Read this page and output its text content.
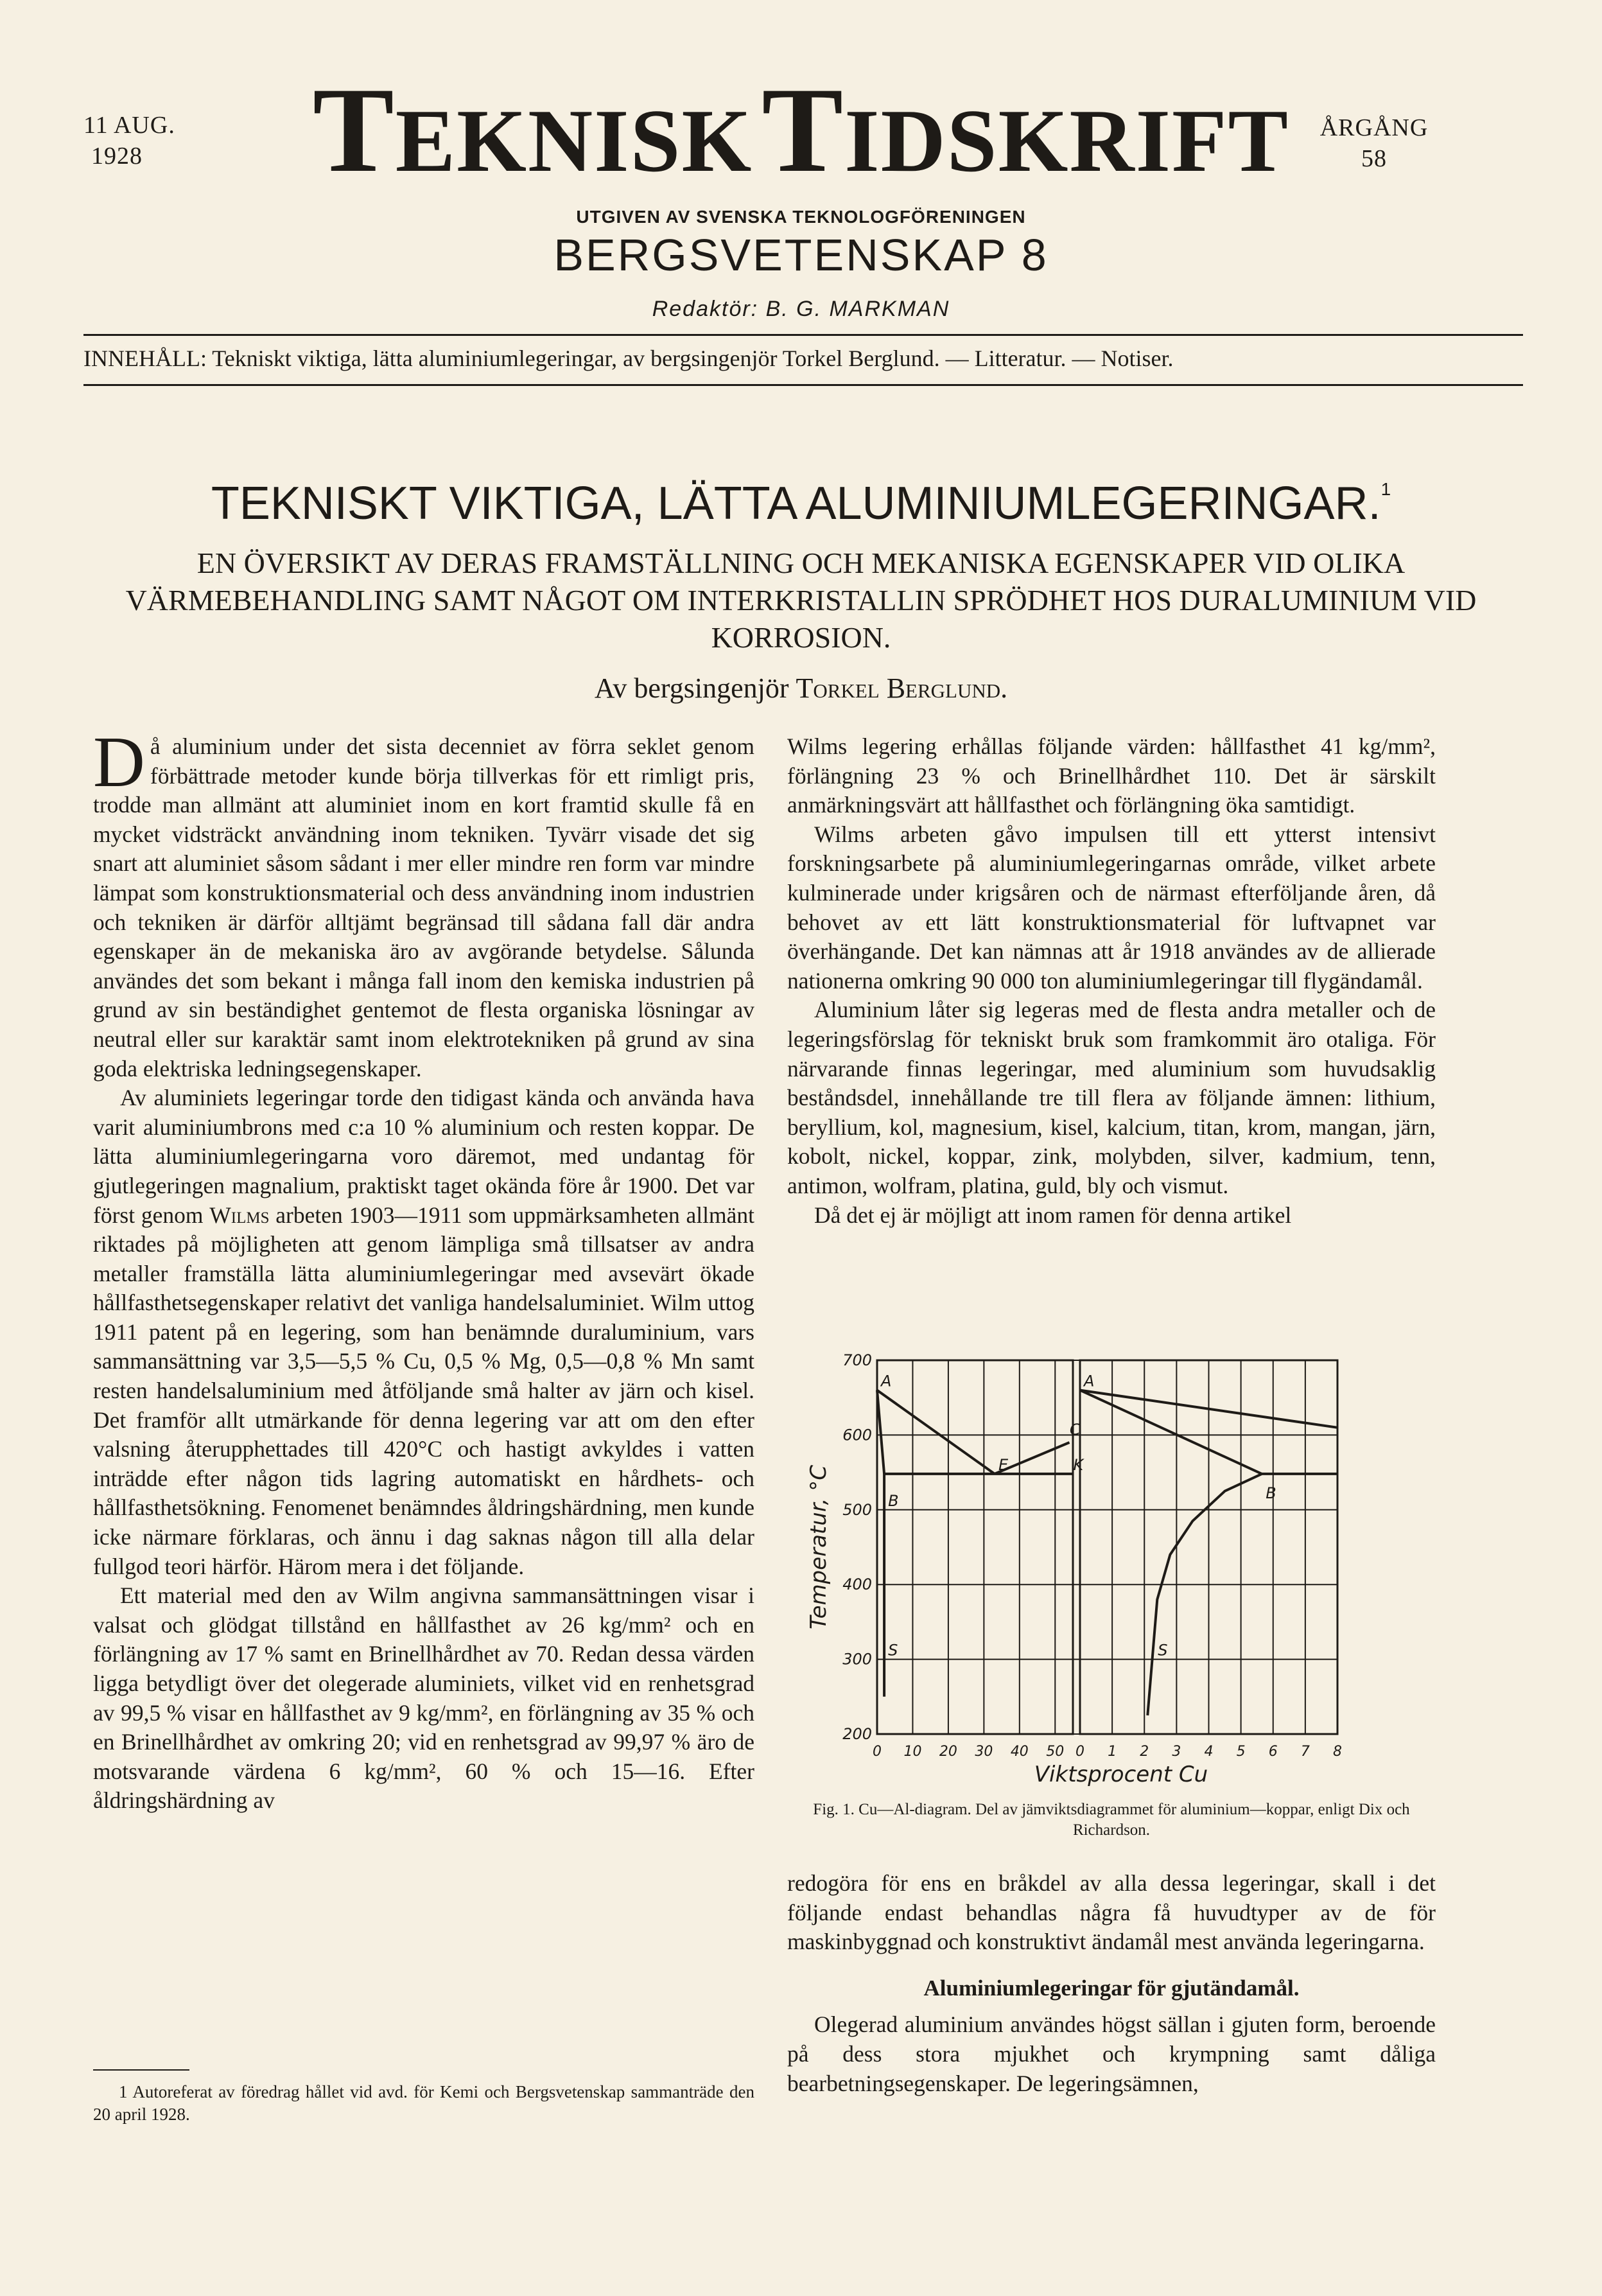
11 AUG.
1928
ÅRGÅNG
58
TEKNISKTIDSKRIFT
UTGIVEN AV SVENSKA TEKNOLOGFÖRENINGEN
BERGSVETENSKAP 8
Redaktör: B. G. MARKMAN
INNEHÅLL: Tekniskt viktiga, lätta aluminiumlegeringar, av bergsingenjör Torkel Berglund. — Litteratur. — Notiser.
TEKNISKT VIKTIGA, LÄTTA ALUMINIUMLEGERINGAR.$^1$
EN ÖVERSIKT AV DERAS FRAMSTÄLLNING OCH MEKANISKA EGENSKAPER VID OLIKA VÄRMEBEHANDLING SAMT NÅGOT OM INTERKRISTALLIN SPRÖDHET HOS DURALUMINIUM VID KORROSION.
Av bergsingenjör Torkel Berglund.

Då aluminium under det sista decenniet av förra seklet genom förbättrade metoder kunde börja tillverkas för ett rimligt pris, trodde man allmänt att aluminiet inom en kort framtid skulle få en mycket vidsträckt användning inom tekniken. Tyvärr visade det sig snart att aluminiet såsom sådant i mer eller mindre ren form var mindre lämpat som konstruktionsmaterial och dess användning inom industrien och tekniken är därför alltjämt begränsad till sådana fall där andra egenskaper än de mekaniska äro av avgörande betydelse. Sålunda användes det som bekant i många fall inom den kemiska industrien på grund av sin beständighet gentemot de flesta organiska lösningar av neutral eller sur karaktär samt inom elektrotekniken på grund av sina goda elektriska ledningsegenskaper.

Av aluminiets legeringar torde den tidigast kända och använda hava varit aluminiumbrons med c:a 10 % aluminium och resten koppar. De lätta aluminiumlegeringarna voro däremot, med undantag för gjutlegeringen magnalium, praktiskt taget okända före år 1900. Det var först genom Wilms arbeten 1903—1911 som uppmärksamheten allmänt riktades på möjligheten att genom lämpliga små tillsatser av andra metaller framställa lätta aluminiumlegeringar med avsevärt ökade hållfasthetsegenskaper relativt det vanliga handelsaluminiet. Wilm uttog 1911 patent på en legering, som han benämnde duraluminium, vars sammansättning var 3,5—5,5 % Cu, 0,5 % Mg, 0,5—0,8 % Mn samt resten handelsaluminium med åtföljande små halter av järn och kisel. Det framför allt utmärkande för denna legering var att om den efter valsning återupphettades till 420°C och hastigt avkyldes i vatten inträdde efter någon tids lagring automatiskt en hårdhets- och hållfasthetsökning. Fenomenet benämndes åldringshärdning, men kunde icke närmare förklaras, och ännu i dag saknas någon till alla delar fullgod teori härför. Härom mera i det följande.

Ett material med den av Wilm angivna sammansättningen visar i valsat och glödgat tillstånd en hållfasthet av 26 kg/mm² och en förlängning av 17 % samt en Brinellhårdhet av 70. Redan dessa värden ligga betydligt över det olegerade aluminiets, vilket vid en renhetsgrad av 99,5 % visar en hållfasthet av 9 kg/mm², en förlängning av 35 % och en Brinellhårdhet av omkring 20; vid en renhetsgrad av 99,97 % äro de motsvarande värdena 6 kg/mm², 60 % och 15—16. Efter åldringshärdning av

1 Autoreferat av föredrag hållet vid avd. för Kemi och Bergsvetenskap sammanträde den 20 april 1928.

Wilms legering erhållas följande värden: hållfasthet 41 kg/mm², förlängning 23 % och Brinellhårdhet 110. Det är särskilt anmärkningsvärt att hållfasthet och förlängning öka samtidigt.

Wilms arbeten gåvo impulsen till ett ytterst intensivt forskningsarbete på aluminiumlegeringarnas område, vilket arbete kulminerade under krigsåren och de närmast efterföljande åren, då behovet av ett lätt konstruktionsmaterial för luftvapnet var överhängande. Det kan nämnas att år 1918 användes av de allierade nationerna omkring 90 000 ton aluminiumlegeringar till flygändamål.

Aluminium låter sig legeras med de flesta andra metaller och de legeringsförslag för tekniskt bruk som framkommit äro otaliga. För närvarande finnas legeringar, med aluminium som huvudsaklig beståndsdel, innehållande tre till flera av följande ämnen: lithium, beryllium, kol, magnesium, kisel, kalcium, titan, krom, mangan, järn, kobolt, nickel, koppar, zink, molybden, silver, kadmium, tenn, antimon, wolfram, platina, guld, bly och vismut.

Då det ej är möjligt att inom ramen för denna artikel

200
300
400
500
600
700
0 10 20 30 40 50
A
E	K
C
B
S
0 1 2 3 4 5 6 7 8
A
B
S
Temperatur, °C
Viktsprocent Cu
Fig. 1. Cu—Al-diagram. Del av jämviktsdiagrammet för aluminium—koppar, enligt Dix och Richardson.

redogöra för ens en bråkdel av alla dessa legeringar, skall i det följande endast behandlas några få huvudtyper av de för maskinbyggnad och konstruktivt ändamål mest använda legeringarna.

Aluminiumlegeringar för gjutändamål.

Olegerad aluminium användes högst sällan i gjuten form, beroende på dess stora mjukhet och krympning samt dåliga bearbetningsegenskaper. De legeringsämnen,
